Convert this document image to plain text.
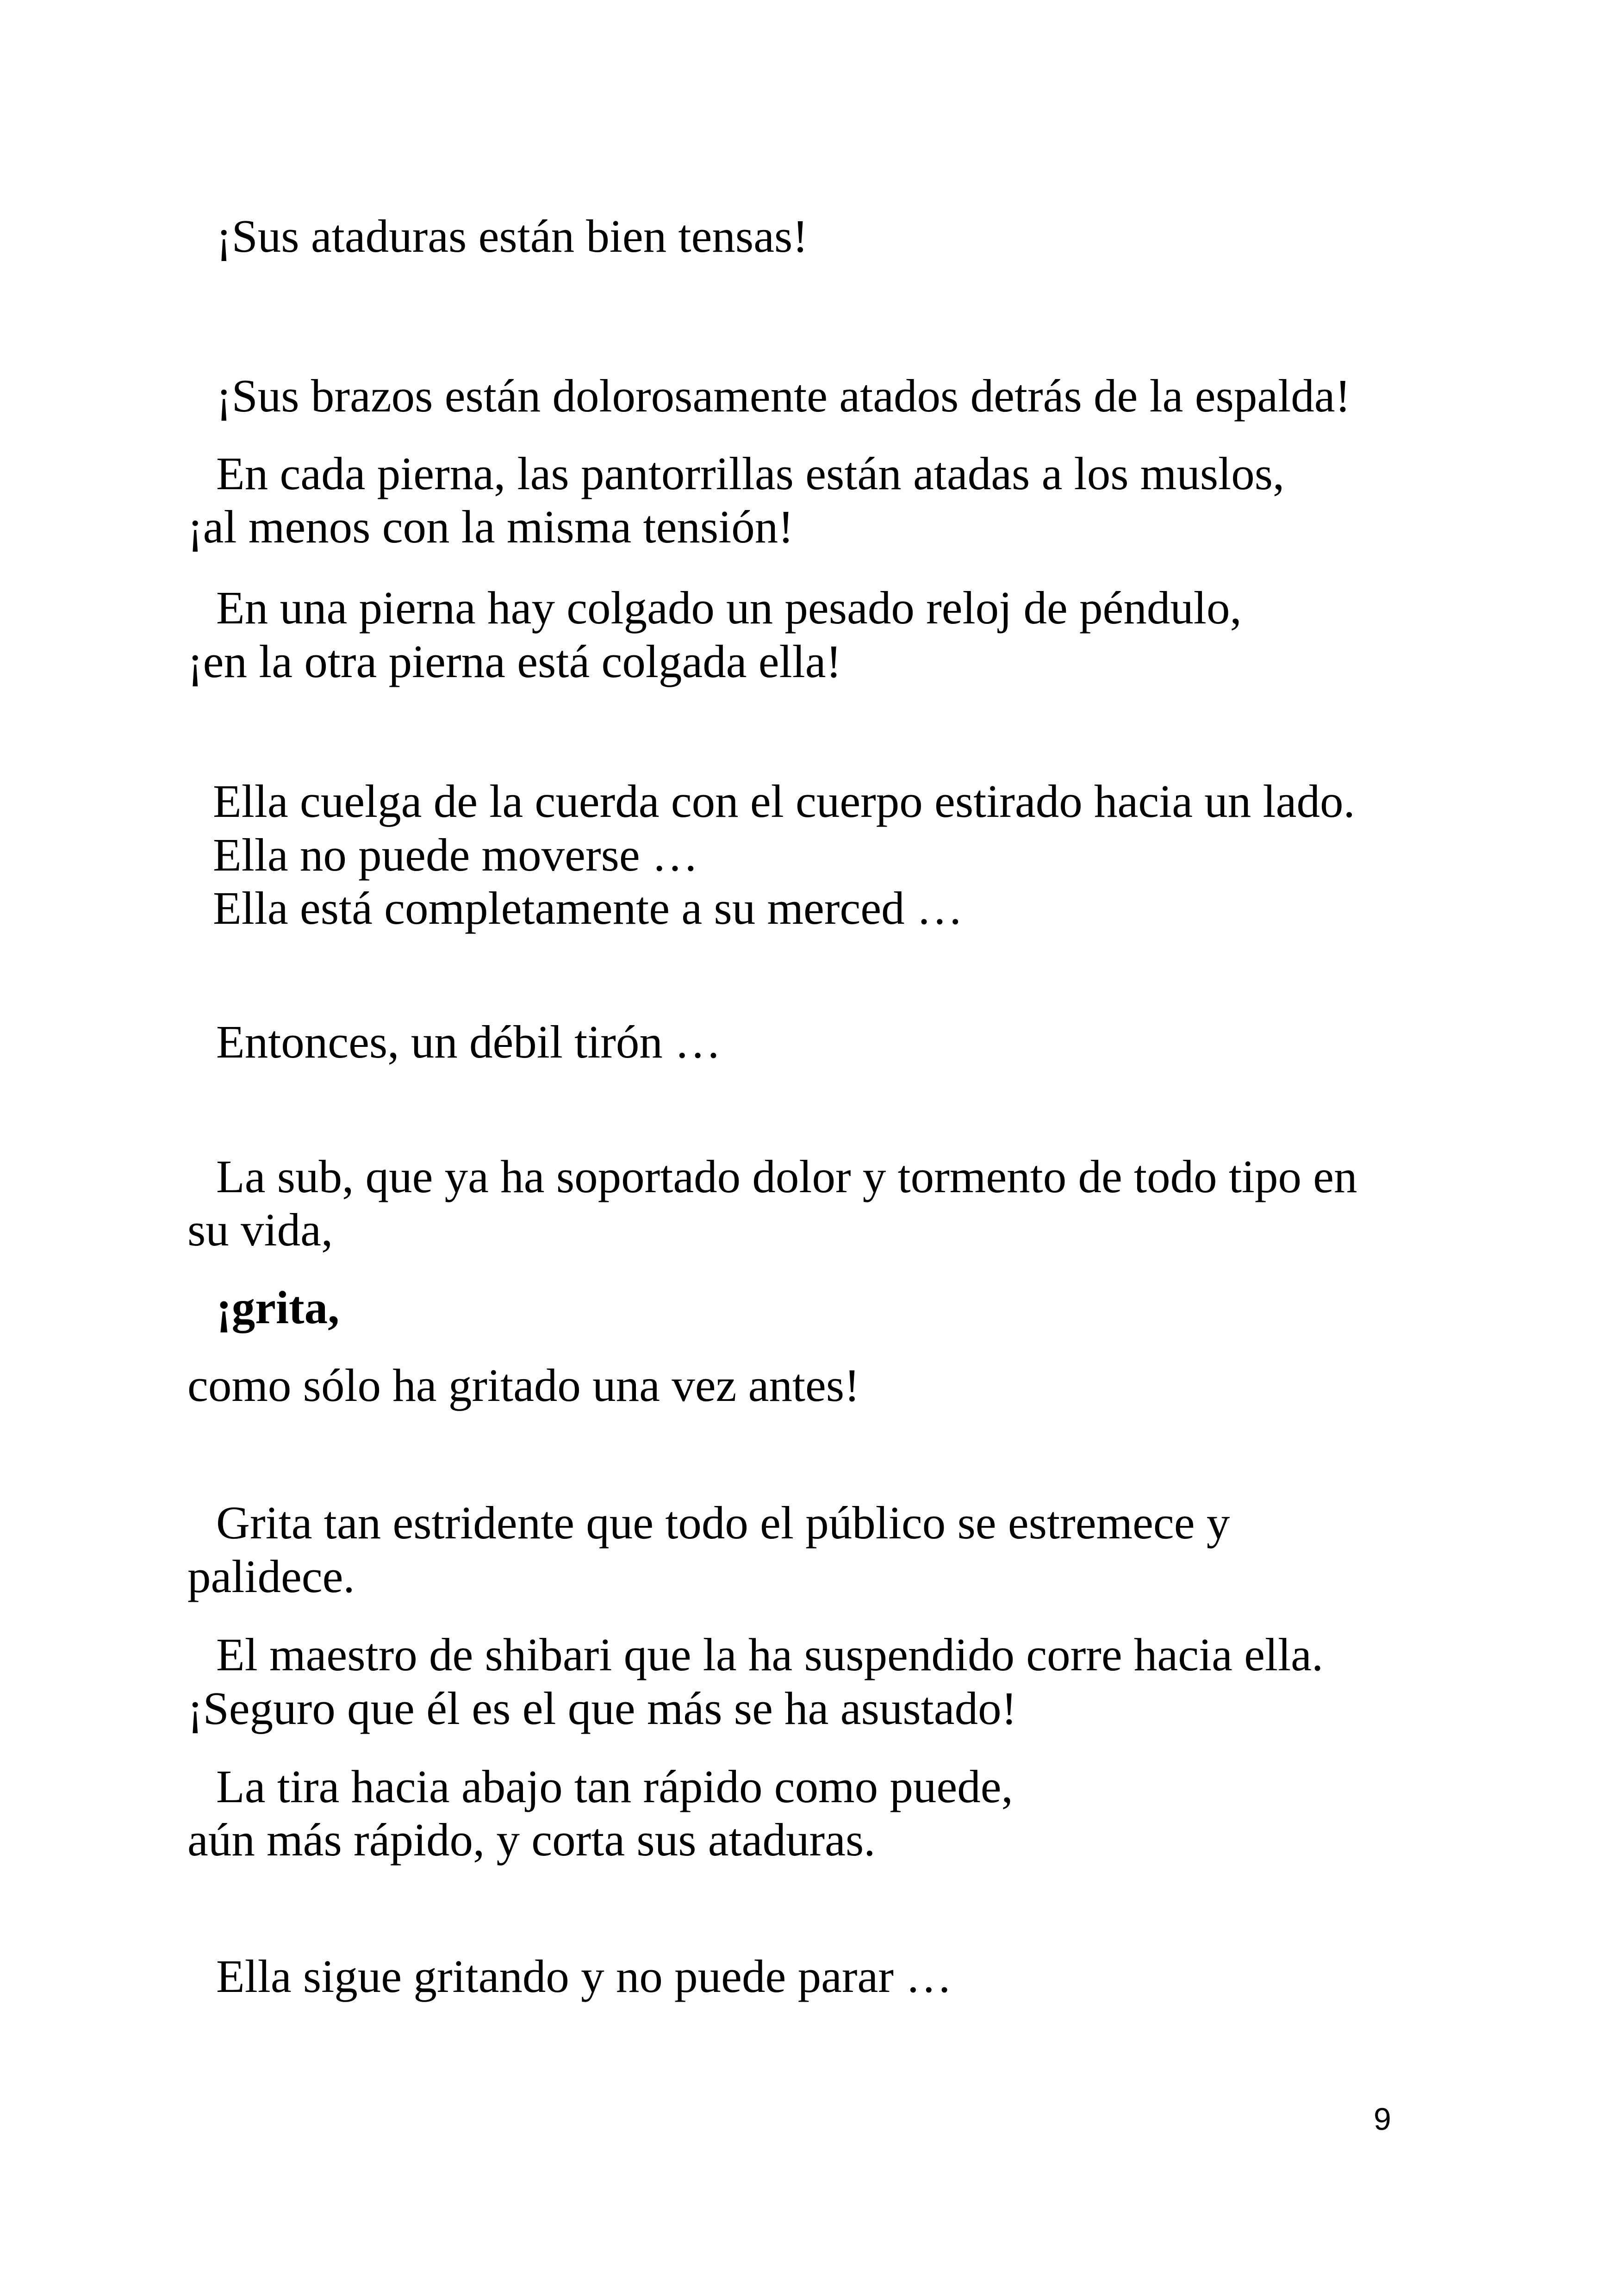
¡Sus ataduras están bien tensas!
¡Sus brazos están dolorosamente atados detrás de la espalda!
En cada pierna, las pantorrillas están atadas a los muslos,
¡al menos con la misma tensión!
En una pierna hay colgado un pesado reloj de péndulo,
¡en la otra pierna está colgada ella!
Ella cuelga de la cuerda con el cuerpo estirado hacia un lado.
Ella no puede moverse …
Ella está completamente a su merced …
Entonces, un débil tirón …
La sub, que ya ha soportado dolor y tormento de todo tipo en
su vida,
¡grita,
como sólo ha gritado una vez antes!
Grita tan estridente que todo el público se estremece y
palidece.
El maestro de shibari que la ha suspendido corre hacia ella.
¡Seguro que él es el que más se ha asustado!
La tira hacia abajo tan rápido como puede,
aún más rápido, y corta sus ataduras.
Ella sigue gritando y no puede parar …
9
